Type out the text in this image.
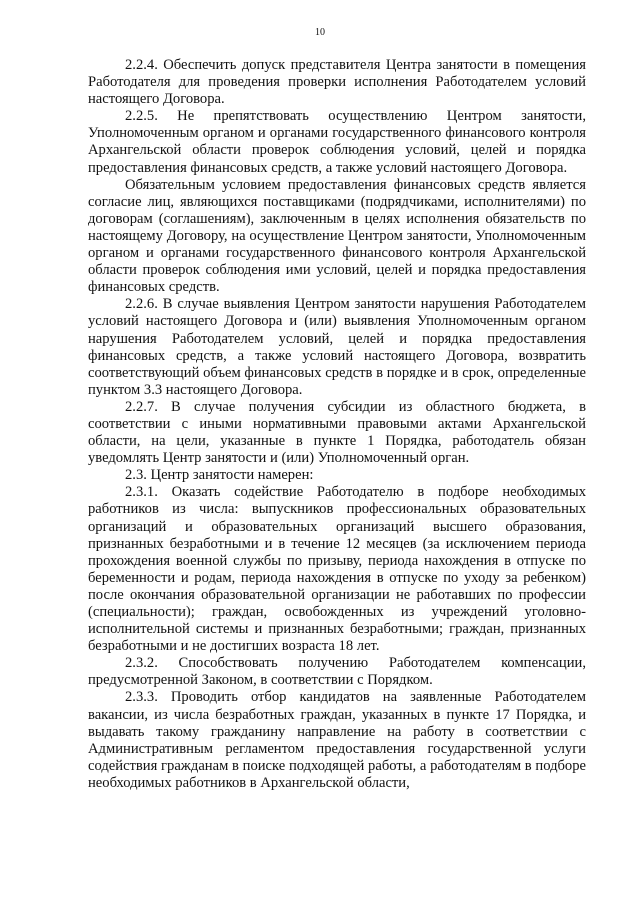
10

2.2.4. Обеспечить допуск представителя Центра занятости в помещения Работодателя для проведения проверки исполнения Работодателем условий настоящего Договора.

2.2.5. Не препятствовать осуществлению Центром занятости, Уполномоченным органом и органами государственного финансового контроля Архангельской области проверок соблюдения условий, целей и порядка предоставления финансовых средств, а также условий настоящего Договора.

Обязательным условием предоставления финансовых средств является согласие лиц, являющихся поставщиками (подрядчиками, исполнителями) по договорам (соглашениям), заключенным в целях исполнения обязательств по настоящему Договору, на осуществление Центром занятости, Уполномоченным органом и органами государственного финансового контроля Архангельской области проверок соблюдения ими условий, целей и порядка предоставления финансовых средств.

2.2.6. В случае выявления Центром занятости нарушения Работодателем условий настоящего Договора и (или) выявления Уполномоченным органом нарушения Работодателем условий, целей и порядка предоставления финансовых средств, а также условий настоящего Договора, возвратить соответствующий объем финансовых средств в порядке и в срок, определенные пунктом 3.3 настоящего Договора.

2.2.7. В случае получения субсидии из областного бюджета, в соответствии с иными нормативными правовыми актами Архангельской области, на цели, указанные в пункте 1 Порядка, работодатель обязан уведомлять Центр занятости и (или) Уполномоченный орган.

2.3. Центр занятости намерен:

2.3.1. Оказать содействие Работодателю в подборе необходимых работников из числа: выпускников профессиональных образовательных организаций и образовательных организаций высшего образования, признанных безработными и в течение 12 месяцев (за исключением периода прохождения военной службы по призыву, периода нахождения в отпуске по беременности и родам, периода нахождения в отпуске по уходу за ребенком) после окончания образовательной организации не работавших по профессии (специальности); граждан, освобожденных из учреждений уголовно-исполнительной системы и признанных безработными; граждан, признанных безработными и не достигших возраста 18 лет.

2.3.2. Способствовать получению Работодателем компенсации, предусмотренной Законом, в соответствии с Порядком.

2.3.3. Проводить отбор кандидатов на заявленные Работодателем вакансии, из числа безработных граждан, указанных в пункте 17 Порядка, и выдавать такому гражданину направление на работу в соответствии с Административным регламентом предоставления государственной услуги содействия гражданам в поиске подходящей работы, а работодателям в подборе необходимых работников в Архангельской области,
